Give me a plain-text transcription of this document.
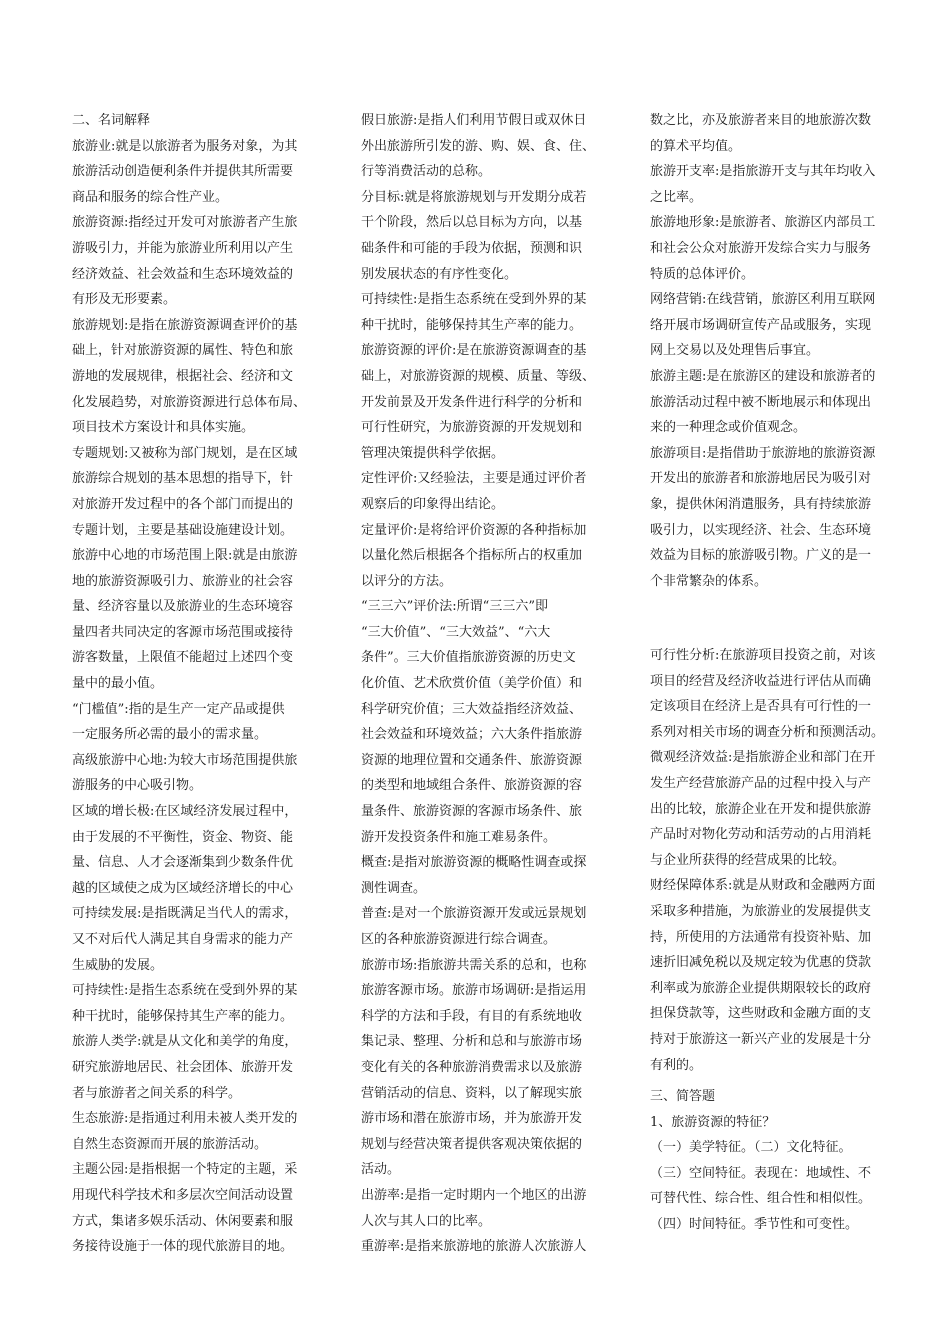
二、名词解释

旅游业:就是以旅游者为服务对象，为其
旅游活动创造便利条件并提供其所需要
商品和服务的综合性产业。

旅游资源:指经过开发可对旅游者产生旅
游吸引力，并能为旅游业所利用以产生
经济效益、社会效益和生态环境效益的
有形及无形要素。

旅游规划:是指在旅游资源调查评价的基
础上，针对旅游资源的属性、特色和旅
游地的发展规律，根据社会、经济和文
化发展趋势，对旅游资源进行总体布局、
项目技术方案设计和具体实施。

专题规划:又被称为部门规划，是在区域
旅游综合规划的基本思想的指导下，针
对旅游开发过程中的各个部门而提出的
专题计划，主要是基础设施建设计划。

旅游中心地的市场范围上限:就是由旅游
地的旅游资源吸引力、旅游业的社会容
量、经济容量以及旅游业的生态环境容
量四者共同决定的客源市场范围或接待
游客数量，上限值不能超过上述四个变
量中的最小值。

“门槛值”:指的是生产一定产品或提供
一定服务所必需的最小的需求量。

高级旅游中心地:为较大市场范围提供旅
游服务的中心吸引物。

区域的增长极:在区域经济发展过程中，
由于发展的不平衡性，资金、物资、能
量、信息、人才会逐渐集到少数条件优
越的区域使之成为区域经济增长的中心
可持续发展:是指既满足当代人的需求，
又不对后代人满足其自身需求的能力产
生威胁的发展。

可持续性:是指生态系统在受到外界的某
种干扰时，能够保持其生产率的能力。

旅游人类学:就是从文化和美学的角度，
研究旅游地居民、社会团体、旅游开发
者与旅游者之间关系的科学。

生态旅游:是指通过利用未被人类开发的
自然生态资源而开展的旅游活动。

主题公园:是指根据一个特定的主题，采
用现代科学技术和多层次空间活动设置
方式，集诸多娱乐活动、休闲要素和服
务接待设施于一体的现代旅游目的地。

假日旅游:是指人们利用节假日或双休日
外出旅游所引发的游、购、娱、食、住、
行等消费活动的总称。

分目标:就是将旅游规划与开发期分成若
干个阶段，然后以总目标为方向，以基
础条件和可能的手段为依据，预测和识
别发展状态的有序性变化。

可持续性:是指生态系统在受到外界的某
种干扰时，能够保持其生产率的能力。

旅游资源的评价:是在旅游资源调查的基
础上，对旅游资源的规模、质量、等级、
开发前景及开发条件进行科学的分析和
可行性研究，为旅游资源的开发规划和
管理决策提供科学依据。

定性评价:又经验法，主要是通过评价者
观察后的印象得出结论。

定量评价:是将给评价资源的各种指标加
以量化然后根据各个指标所占的权重加
以评分的方法。

“三三六”评价法:所谓“三三六”即
“三大价值”、“三大效益”、“六大
条件”。三大价值指旅游资源的历史文
化价值、艺术欣赏价值（美学价值）和
科学研究价值；三大效益指经济效益、
社会效益和环境效益；六大条件指旅游
资源的地理位置和交通条件、旅游资源
的类型和地域组合条件、旅游资源的容
量条件、旅游资源的客源市场条件、旅
游开发投资条件和施工难易条件。

概查:是指对旅游资源的概略性调查或探
测性调查。

普查:是对一个旅游资源开发或远景规划
区的各种旅游资源进行综合调查。

旅游市场:指旅游共需关系的总和，也称
旅游客源市场。旅游市场调研:是指运用
科学的方法和手段，有目的有系统地收
集记录、整理、分析和总和与旅游市场
变化有关的各种旅游消费需求以及旅游
营销活动的信息、资料，以了解现实旅
游市场和潜在旅游市场，并为旅游开发
规划与经营决策者提供客观决策依据的
活动。

出游率:是指一定时期内一个地区的出游
人次与其人口的比率。

重游率:是指来旅游地的旅游人次旅游人

数之比，亦及旅游者来目的地旅游次数
的算术平均值。

旅游开支率:是指旅游开支与其年均收入
之比率。

旅游地形象:是旅游者、旅游区内部员工
和社会公众对旅游开发综合实力与服务
特质的总体评价。

网络营销:在线营销，旅游区利用互联网
络开展市场调研宣传产品或服务，实现
网上交易以及处理售后事宜。

旅游主题:是在旅游区的建设和旅游者的
旅游活动过程中被不断地展示和体现出
来的一种理念或价值观念。

旅游项目:是指借助于旅游地的旅游资源
开发出的旅游者和旅游地居民为吸引对
象，提供休闲消遣服务，具有持续旅游
吸引力，以实现经济、社会、生态环境
效益为目标的旅游吸引物。广义的是一
个非常繁杂的体系。

可行性分析:在旅游项目投资之前，对该
项目的经营及经济收益进行评估从而确
定该项目在经济上是否具有可行性的一
系列对相关市场的调查分析和预测活动。

微观经济效益:是指旅游企业和部门在开
发生产经营旅游产品的过程中投入与产
出的比较，旅游企业在开发和提供旅游
产品时对物化劳动和活劳动的占用消耗
与企业所获得的经营成果的比较。

财经保障体系:就是从财政和金融两方面
采取多种措施，为旅游业的发展提供支
持，所使用的方法通常有投资补贴、加
速折旧减免税以及规定较为优惠的贷款
利率或为旅游企业提供期限较长的政府
担保贷款等，这些财政和金融方面的支
持对于旅游这一新兴产业的发展是十分
有利的。

三、简答题

1、旅游资源的特征？

（一）美学特征。（二）文化特征。
（三）空间特征。表现在：地域性、不
可替代性、综合性、组合性和相似性。
（四）时间特征。季节性和可变性。
